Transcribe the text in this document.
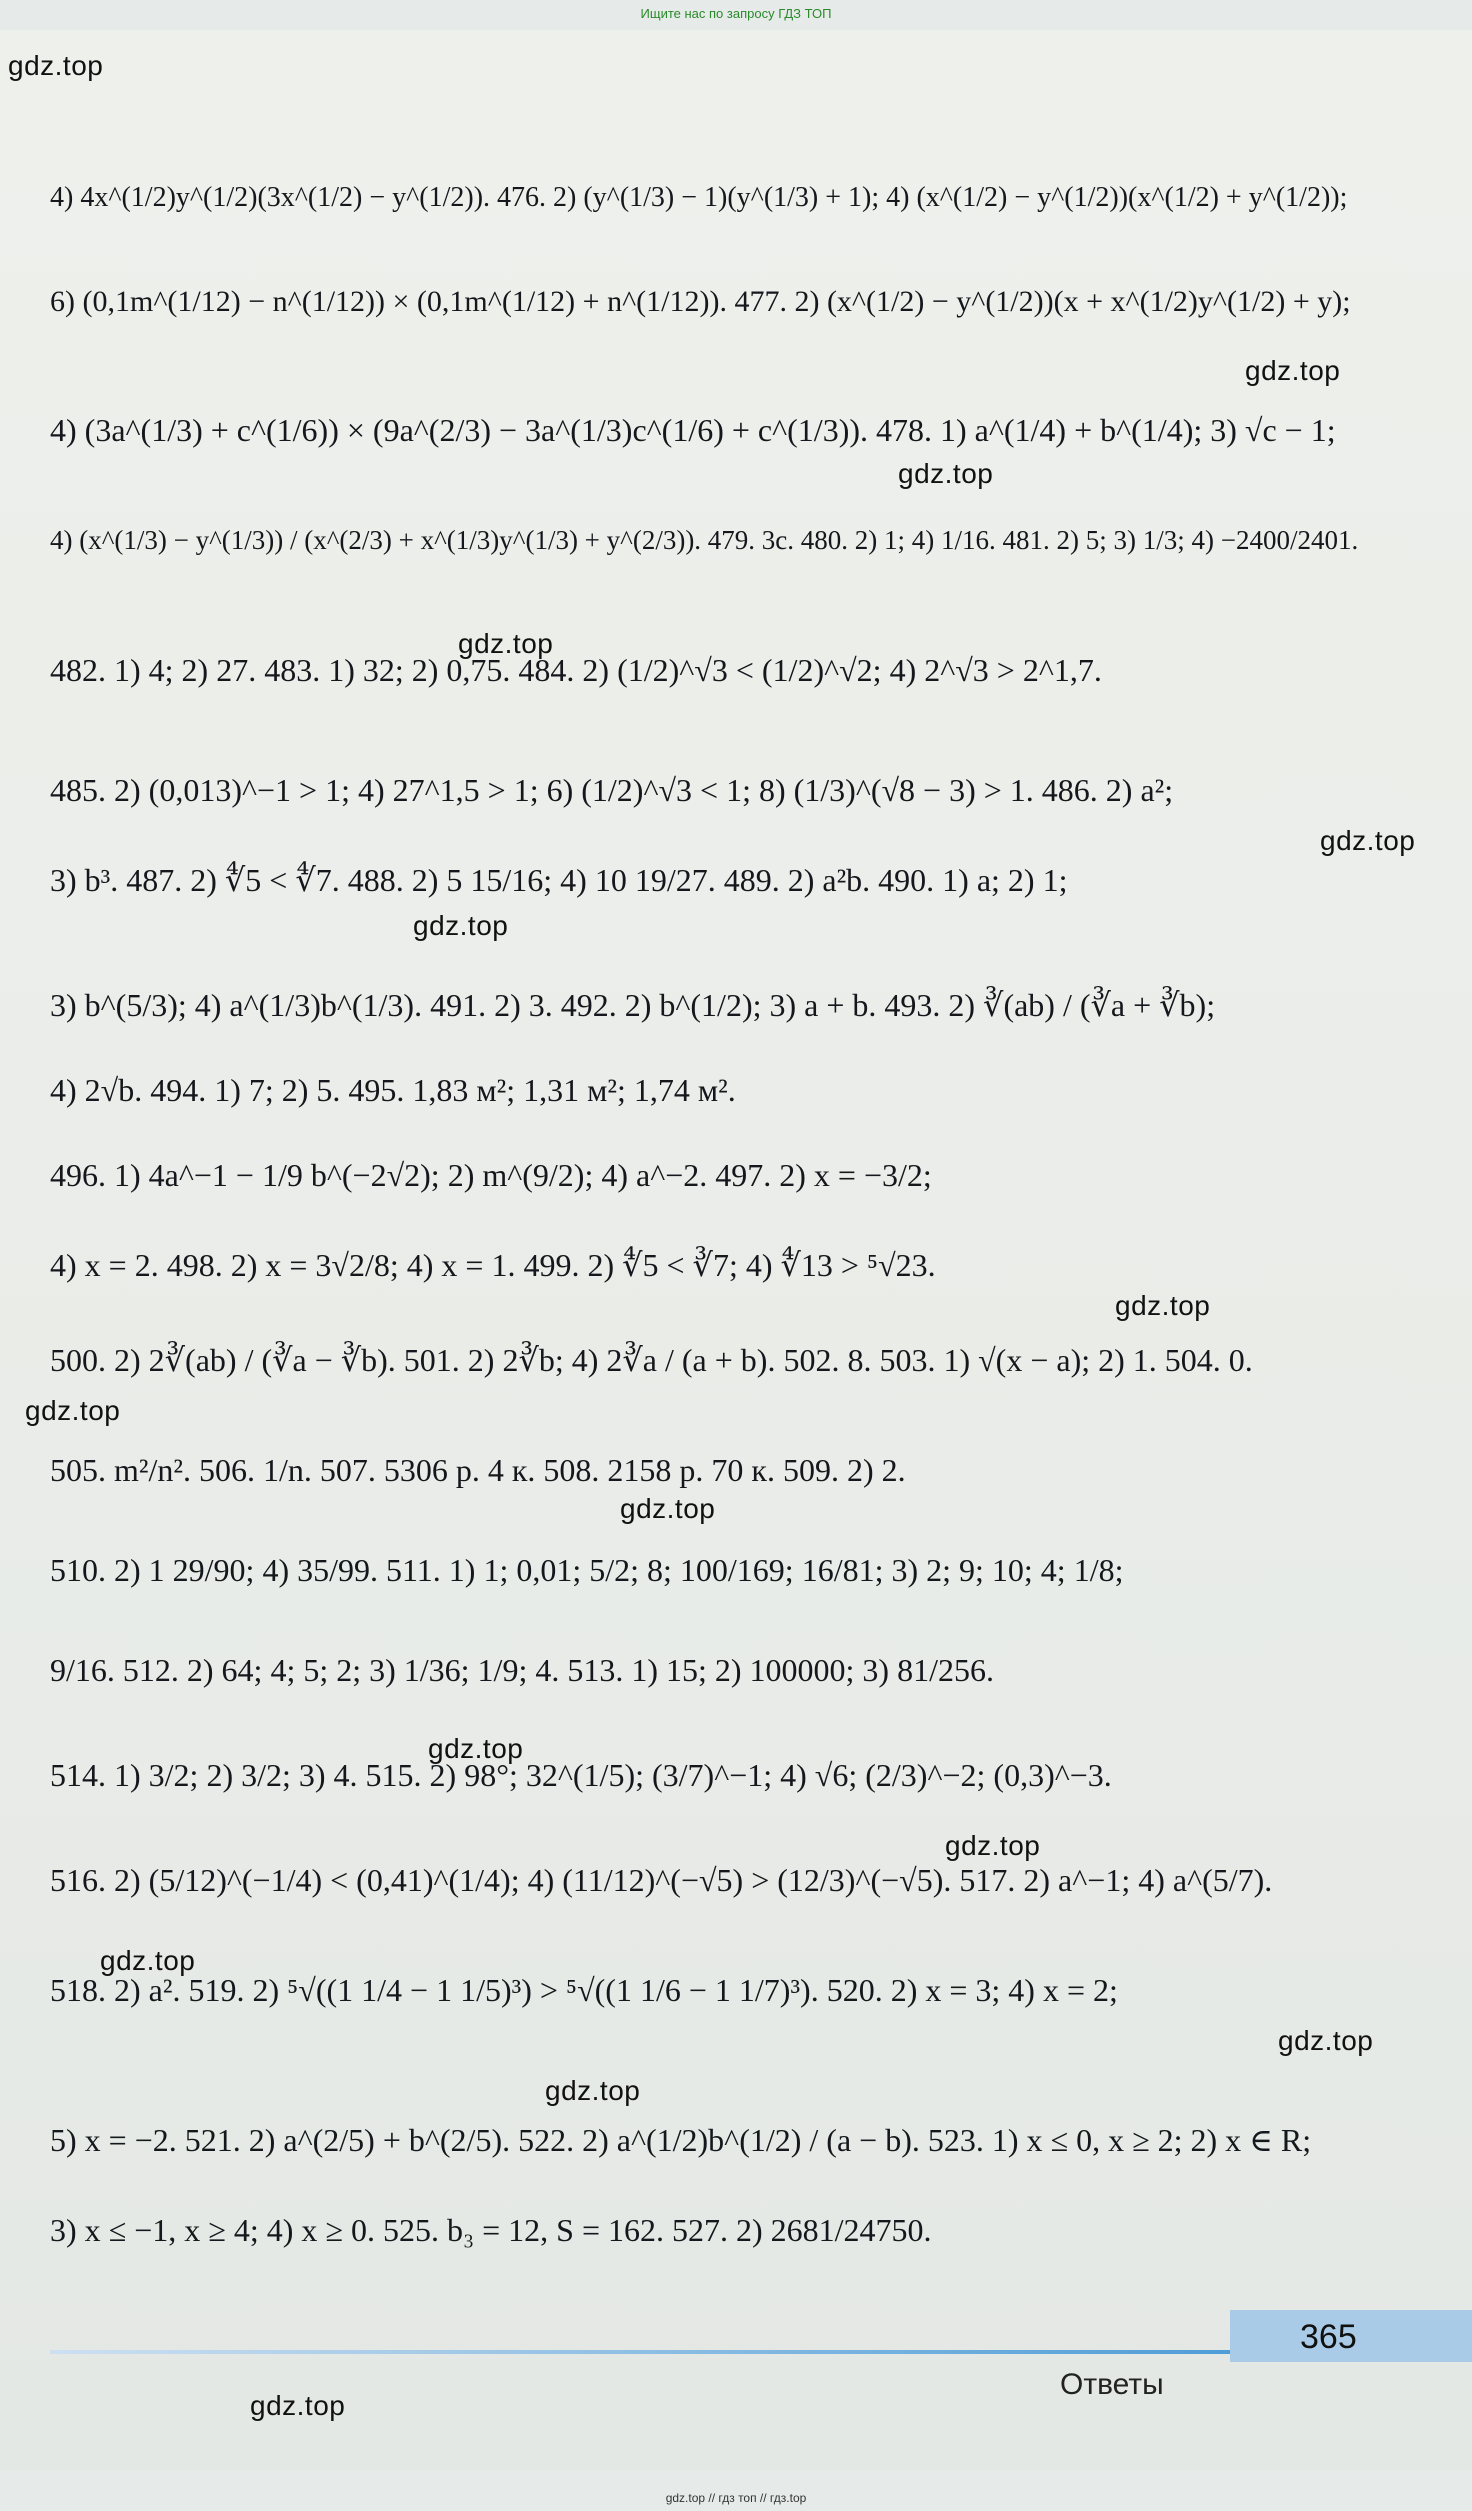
Ищите нас по запросу ГДЗ ТОП
gdz.top
gdz.top
gdz.top
gdz.top
gdz.top
gdz.top
gdz.top
gdz.top
gdz.top
gdz.top
gdz.top
gdz.top
gdz.top
gdz.top
gdz.top
4) 4x^(1/2)y^(1/2)(3x^(1/2) − y^(1/2)). 476. 2) (y^(1/3) − 1)(y^(1/3) + 1); 4) (x^(1/2) − y^(1/2))(x^(1/2) + y^(1/2));
6) (0,1m^(1/12) − n^(1/12)) × (0,1m^(1/12) + n^(1/12)). 477. 2) (x^(1/2) − y^(1/2))(x + x^(1/2)y^(1/2) + y);
4) (3a^(1/3) + c^(1/6)) × (9a^(2/3) − 3a^(1/3)c^(1/6) + c^(1/3)). 478. 1) a^(1/4) + b^(1/4); 3) √c − 1;
4) (x^(1/3) − y^(1/3)) / (x^(2/3) + x^(1/3)y^(1/3) + y^(2/3)). 479. 3c. 480. 2) 1; 4) 1/16. 481. 2) 5; 3) 1/3; 4) −2400/2401.
482. 1) 4; 2) 27. 483. 1) 32; 2) 0,75. 484. 2) (1/2)^√3 < (1/2)^√2; 4) 2^√3 > 2^1,7.
485. 2) (0,013)^−1 > 1; 4) 27^1,5 > 1; 6) (1/2)^√3 < 1; 8) (1/3)^(√8 − 3) > 1. 486. 2) a²;
3) b³. 487. 2) ∜5 < ∜7. 488. 2) 5 15/16; 4) 10 19/27. 489. 2) a²b. 490. 1) a; 2) 1;
3) b^(5/3); 4) a^(1/3)b^(1/3). 491. 2) 3. 492. 2) b^(1/2); 3) a + b. 493. 2) ∛(ab) / (∛a + ∛b);
4) 2√b. 494. 1) 7; 2) 5. 495. 1,83 м²; 1,31 м²; 1,74 м².
496. 1) 4a^−1 − 1/9 b^(−2√2); 2) m^(9/2); 4) a^−2. 497. 2) x = −3/2;
4) x = 2. 498. 2) x = 3√2/8; 4) x = 1. 499. 2) ∜5 < ∛7; 4) ∜13 > ⁵√23.
500. 2) 2∛(ab) / (∛a − ∛b). 501. 2) 2∛b; 4) 2∛a / (a + b). 502. 8. 503. 1) √(x − a); 2) 1. 504. 0.
505. m²/n². 506. 1/n. 507. 5306 р. 4 к. 508. 2158 р. 70 к. 509. 2) 2.
510. 2) 1 29/90; 4) 35/99. 511. 1) 1; 0,01; 5/2; 8; 100/169; 16/81; 3) 2; 9; 10; 4; 1/8;
9/16. 512. 2) 64; 4; 5; 2; 3) 1/36; 1/9; 4. 513. 1) 15; 2) 100000; 3) 81/256.
514. 1) 3/2; 2) 3/2; 3) 4. 515. 2) 98°; 32^(1/5); (3/7)^−1; 4) √6; (2/3)^−2; (0,3)^−3.
516. 2) (5/12)^(−1/4) < (0,41)^(1/4); 4) (11/12)^(−√5) > (12/3)^(−√5). 517. 2) a^−1; 4) a^(5/7).
518. 2) a². 519. 2) ⁵√((1 1/4 − 1 1/5)³) > ⁵√((1 1/6 − 1 1/7)³). 520. 2) x = 3; 4) x = 2;
5) x = −2. 521. 2) a^(2/5) + b^(2/5). 522. 2) a^(1/2)b^(1/2) / (a − b). 523. 1) x ≤ 0, x ≥ 2; 2) x ∈ R;
3) x ≤ −1, x ≥ 4; 4) x ≥ 0. 525. b₃ = 12, S = 162. 527. 2) 2681/24750.
365
Ответы
gdz.top // гдз топ // гдз.top
